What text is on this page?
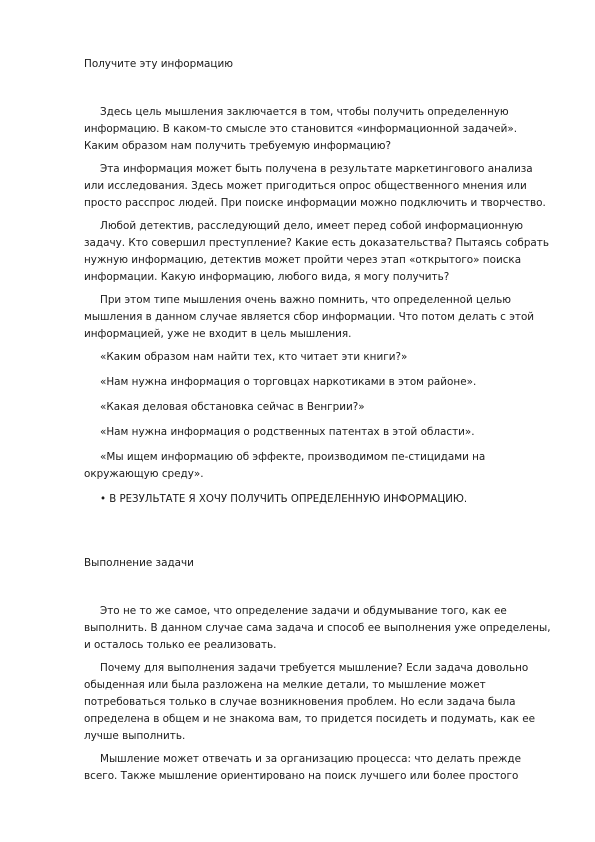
Получите эту информацию

Здесь цель мышления заключается в том, чтобы получить определенную информацию. В каком-то смысле это становится «информационной задачей». Каким образом нам получить требуемую информацию?

Эта информация может быть получена в результате маркетингового анализа или исследования. Здесь может пригодиться опрос общественного мнения или просто расспрос людей. При поиске информации можно подключить и творчество.

Любой детектив, расследующий дело, имеет перед собой информационную задачу. Кто совершил преступление? Какие есть доказательства? Пытаясь собрать нужную информацию, детектив может пройти через этап «открытого» поиска информации. Какую информацию, любого вида, я могу получить?

При этом типе мышления очень важно помнить, что определенной целью мышления в данном случае является сбор информации. Что потом делать с этой информацией, уже не входит в цель мышления.

«Каким образом нам найти тех, кто читает эти книги?»

«Нам нужна информация о торговцах наркотиками в этом районе».

«Какая деловая обстановка сейчас в Венгрии?»

«Нам нужна информация о родственных патентах в этой области».

«Мы ищем информацию об эффекте, производимом пе-стицидами на окружающую среду».

• В РЕЗУЛЬТАТЕ Я ХОЧУ ПОЛУЧИТЬ ОПРЕДЕЛЕННУЮ ИНФОРМАЦИЮ.

Выполнение задачи

Это не то же самое, что определение задачи и обдумывание того, как ее выполнить. В данном случае сама задача и способ ее выполнения уже определены, и осталось только ее реализовать.

Почему для выполнения задачи требуется мышление? Если задача довольно обыденная или была разложена на мелкие детали, то мышление может потребоваться только в случае возникновения проблем. Но если задача была определена в общем и не знакома вам, то придется посидеть и подумать, как ее лучше выполнить.

Мышление может отвечать и за организацию процесса: что делать прежде всего. Также мышление ориентировано на поиск лучшего или более простого
